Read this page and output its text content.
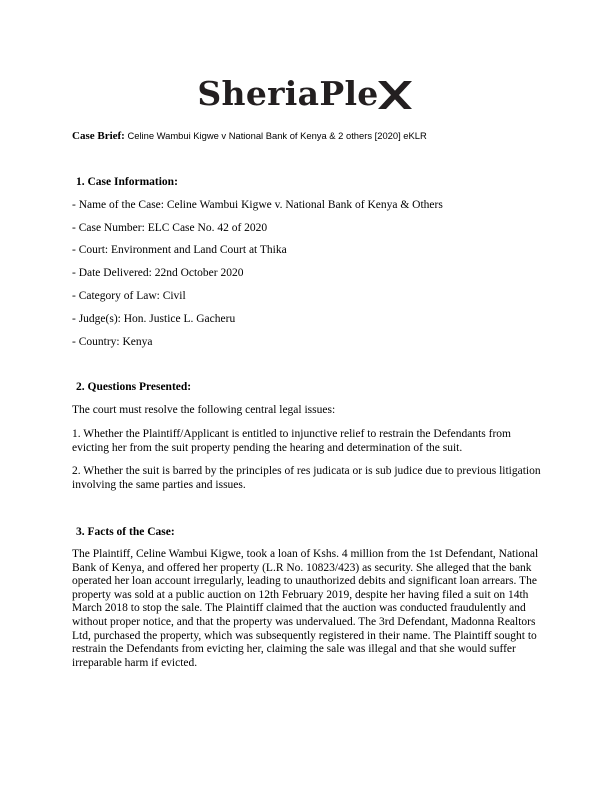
SheriaPle
Case Brief: Celine Wambui Kigwe v National Bank of Kenya & 2 others [2020] eKLR
1. Case Information:

- Name of the Case: Celine Wambui Kigwe v. National Bank of Kenya & Others

- Case Number: ELC Case No. 42 of 2020

- Court: Environment and Land Court at Thika

- Date Delivered: 22nd October 2020

- Category of Law: Civil

- Judge(s): Hon. Justice L. Gacheru

- Country: Kenya

2. Questions Presented:

The court must resolve the following central legal issues:

1. Whether the Plaintiff/Applicant is entitled to injunctive relief to restrain the Defendants from evicting her from the suit property pending the hearing and determination of the suit.

2. Whether the suit is barred by the principles of res judicata or is sub judice due to previous litigation involving the same parties and issues.

3. Facts of the Case:

The Plaintiff, Celine Wambui Kigwe, took a loan of Kshs. 4 million from the 1st Defendant, National Bank of Kenya, and offered her property (L.R No. 10823/423) as security. She alleged that the bank operated her loan account irregularly, leading to unauthorized debits and significant loan arrears. The property was sold at a public auction on 12th February 2019, despite her having filed a suit on 14th March 2018 to stop the sale. The Plaintiff claimed that the auction was conducted fraudulently and without proper notice, and that the property was undervalued. The 3rd Defendant, Madonna Realtors Ltd, purchased the property, which was subsequently registered in their name. The Plaintiff sought to restrain the Defendants from evicting her, claiming the sale was illegal and that she would suffer irreparable harm if evicted.
